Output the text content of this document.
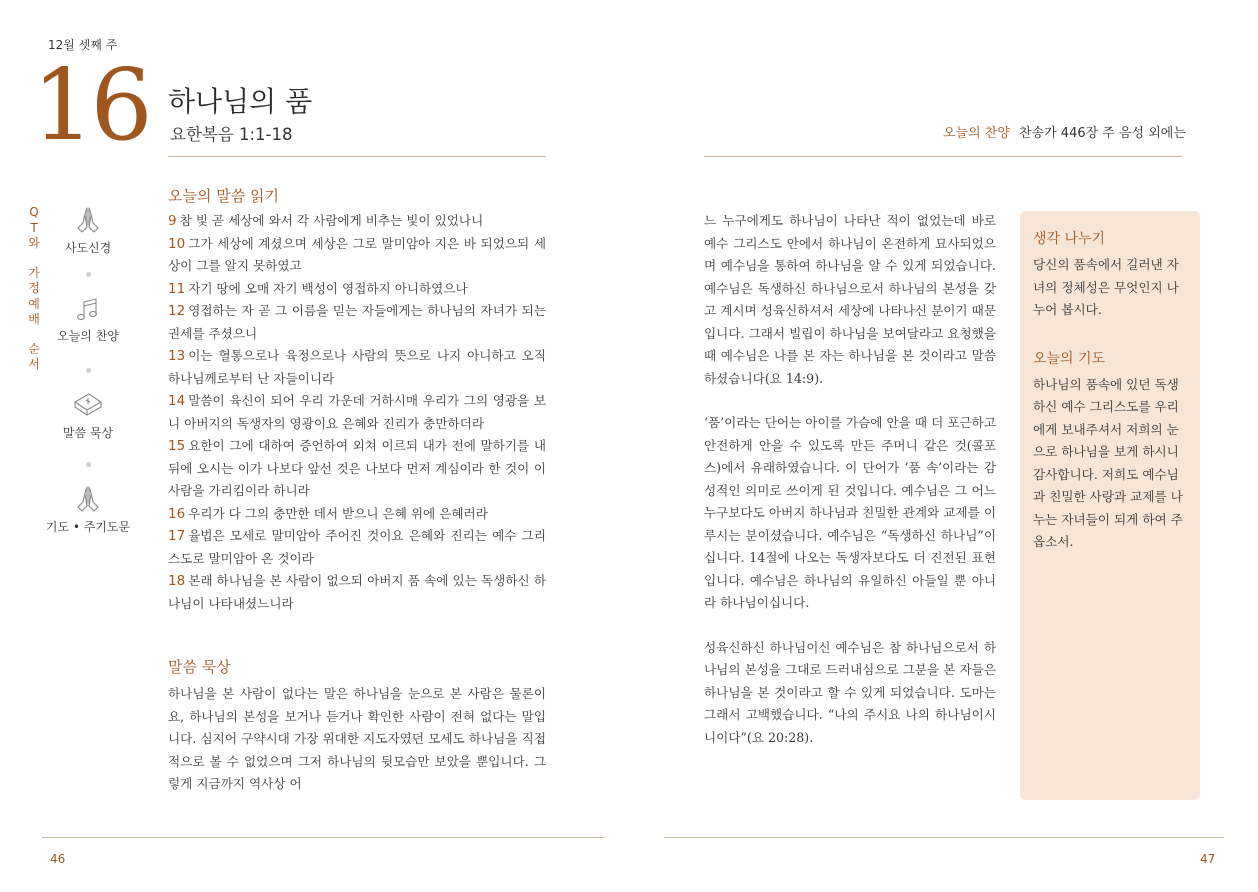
12월 셋째 주
16 하나님의 품
요한복음 1:1-18	오늘의 찬양 찬송가 446장 주 음성 외에는
Q
T
와
가
정
예
배
순
서
사도신경
오늘의 찬양
말씀 묵상
기도 • 주기도문
오늘의 말씀 읽기
9 참 빛 곧 세상에 와서 각 사람에게 비추는 빛이 있었나니
10 그가 세상에 계셨으며 세상은 그로 말미암아 지은 바 되었으되 세상이 그를 알지 못하였고
11 자기 땅에 오매 자기 백성이 영접하지 아니하였으나
12 영접하는 자 곧 그 이름을 믿는 자들에게는 하나님의 자녀가 되는 권세를 주셨으니
13 이는 혈통으로나 육정으로나 사람의 뜻으로 나지 아니하고 오직 하나님께로부터 난 자들이니라
14 말씀이 육신이 되어 우리 가운데 거하시매 우리가 그의 영광을 보니 아버지의 독생자의 영광이요 은혜와 진리가 충만하더라
15 요한이 그에 대하여 증언하여 외쳐 이르되 내가 전에 말하기를 내 뒤에 오시는 이가 나보다 앞선 것은 나보다 먼저 계심이라 한 것이 이 사람을 가리킴이라 하니라
16 우리가 다 그의 충만한 데서 받으니 은혜 위에 은혜러라
17 율법은 모세로 말미암아 주어진 것이요 은혜와 진리는 예수 그리스도로 말미암아 온 것이라
18 본래 하나님을 본 사람이 없으되 아버지 품 속에 있는 독생하신 하나님이 나타내셨느니라
말씀 묵상

하나님을 본 사람이 없다는 말은 하나님을 눈으로 본 사람은 물론이요, 하나님의 본성을 보거나 듣거나 확인한 사람이 전혀 없다는 말입니다. 심지어 구약시대 가장 위대한 지도자였던 모세도 하나님을 직접적으로 볼 수 없었으며 그저 하나님의 뒷모습만 보았을 뿐입니다. 그렇게 지금까지 역사상 어

느 누구에게도 하나님이 나타난 적이 없었는데 바로 예수 그리스도 안에서 하나님이 온전하게 묘사되었으며 예수님을 통하여 하나님을 알 수 있게 되었습니다. 예수님은 독생하신 하나님으로서 하나님의 본성을 갖고 계시며 성육신하셔서 세상에 나타나신 분이기 때문입니다. 그래서 빌립이 하나님을 보여달라고 요청했을 때 예수님은 나를 본 자는 하나님을 본 것이라고 말씀하셨습니다(요 14:9).

‘품’이라는 단어는 아이를 가슴에 안을 때 더 포근하고 안전하게 안을 수 있도록 만든 주머니 같은 것(콜포스)에서 유래하였습니다. 이 단어가 ‘품 속’이라는 감성적인 의미로 쓰이게 된 것입니다. 예수님은 그 어느 누구보다도 아버지 하나님과 친밀한 관계와 교제를 이루시는 분이셨습니다. 예수님은 “독생하신 하나님”이십니다. 14절에 나오는 독생자보다도 더 진전된 표현입니다. 예수님은 하나님의 유일하신 아들일 뿐 아니라 하나님이십니다.

성육신하신 하나님이신 예수님은 참 하나님으로서 하나님의 본성을 그대로 드러내심으로 그분을 본 자들은 하나님을 본 것이라고 할 수 있게 되었습니다. 도마는 그래서 고백했습니다. “나의 주시요 나의 하나님이시니이다”(요 20:28).

생각 나누기

당신의 품속에서 길러낸 자녀의 정체성은 무엇인지 나누어 봅시다.

오늘의 기도

하나님의 품속에 있던 독생하신 예수 그리스도를 우리에게 보내주셔서 저희의 눈으로 하나님을 보게 하시니 감사합니다. 저희도 예수님과 친밀한 사랑과 교제를 나누는 자녀들이 되게 하여 주옵소서.

46	47
